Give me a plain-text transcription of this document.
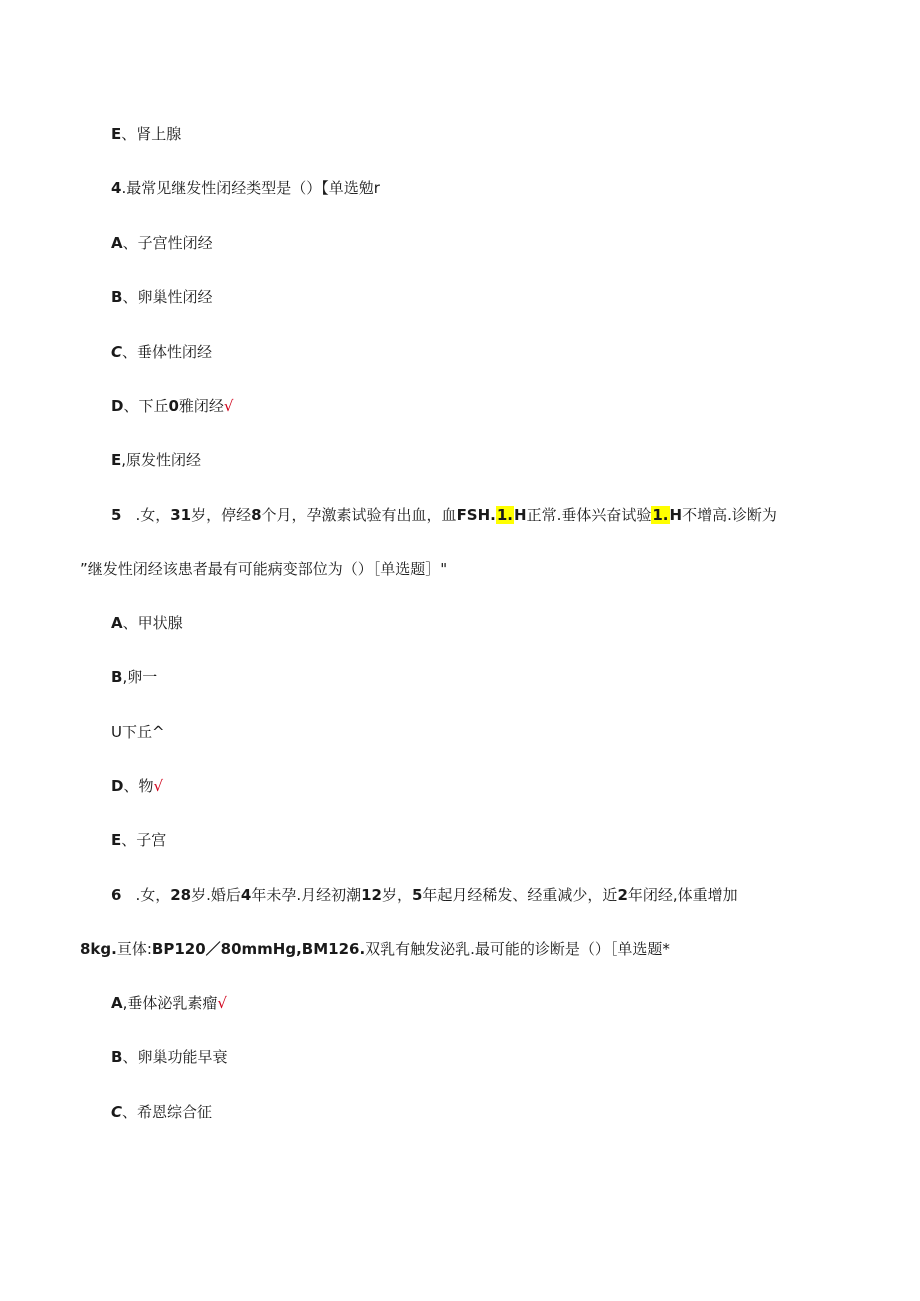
E、肾上腺
4.最常见继发性闭经类型是（）【单选勉r
A、子宫性闭经
B、卵巢性闭经
C、垂体性闭经
D、下丘0雅闭经√
E,原发性闭经
5 .女，31岁，停经8个月，孕激素试验有出血，血FSH.1.H正常.垂体兴奋试验1.H不增高.诊断为
”继发性闭经该患者最有可能病变部位为（）［单选题］"
A、甲状腺
B,卵一
U下丘^
D、物√
E、子宫
6 .女，28岁.婚后4年未孕.月经初潮12岁，5年起月经稀发、经重减少，近2年闭经,体重增加
8kg.亘体:BP120／80mmHg,BM126.双乳有触发泌乳.最可能的诊断是（）［单选题*
A,垂体泌乳素瘤√
B、卵巢功能早衰
C、希恩综合征
